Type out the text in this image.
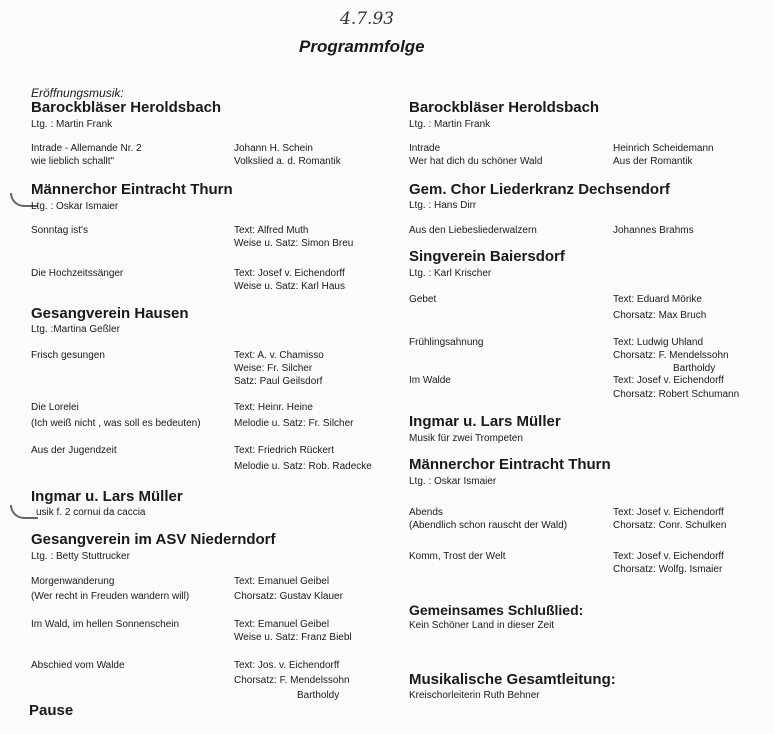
4.7.93
Programmfolge
Eröffnungsmusik:
Barockbläser Heroldsbach
Ltg. : Martin Frank
Intrade - Allemande Nr. 2	Johann H. Schein
wie lieblich schallt"	Volkslied a. d. Romantik
Männerchor Eintracht Thurn
Ltg. : Oskar Ismaier
Sonntag ist's	Text: Alfred Muth
Weise u. Satz: Simon Breu
Die Hochzeitssänger	Text: Josef v. Eichendorff
Weise u. Satz: Karl Haus
Gesangverein Hausen
Ltg. :Martina Geßler
Frisch gesungen	Text: A. v. Chamisso
Weise: Fr. Silcher
Satz: Paul Geilsdorf
Die Lorelei	Text: Heinr. Heine
(Ich weiß nicht , was soll es bedeuten)	Melodie u. Satz: Fr. Silcher
Aus der Jugendzeit	Text: Friedrich Rückert
Melodie u. Satz: Rob. Radecke
Ingmar u. Lars Müller
usik f. 2 cornui da caccia
Gesangverein im ASV Niederndorf
Ltg. : Betty Stuttrucker
Morgenwanderung	Text: Emanuel Geibel
(Wer recht in Freuden wandern will)	Chorsatz: Gustav Klauer
Im Wald, im hellen Sonnenschein	Text: Emanuel Geibel
Weise u. Satz: Franz Biebl
Abschied vom Walde	Text: Jos. v. Eichendorff
Chorsatz: F. Mendelssohn
Bartholdy
Pause
Barockbläser Heroldsbach
Ltg. : Martin Frank
Intrade	Heinrich Scheidemann
Wer hat dich du schöner Wald	Aus der Romantik
Gem. Chor Liederkranz Dechsendorf
Ltg. : Hans Dirr
Aus den Liebesliederwalzern	Johannes Brahms
Singverein Baiersdorf
Ltg. : Karl Krischer
Gebet	Text: Eduard Mörike
Chorsatz: Max Bruch
Frühlingsahnung	Text: Ludwig Uhland
Chorsatz: F. Mendelssohn
Bartholdy
Im Walde	Text: Josef v. Eichendorff
Chorsatz: Robert Schumann
Ingmar u. Lars Müller
Musik für zwei Trompeten
Männerchor Eintracht Thurn
Ltg. : Oskar Ismaier
Abends	Text: Josef v. Eichendorff
(Abendlich schon rauscht der Wald)	Chorsatz: Conr. Schulken
Komm, Trost der Welt	Text: Josef v. Eichendorff
Chorsatz: Wolfg. Ismaier
Gemeinsames Schlußlied:
Kein Schöner Land in dieser Zeit
Musikalische Gesamtleitung:
Kreischorleiterin Ruth Behner
